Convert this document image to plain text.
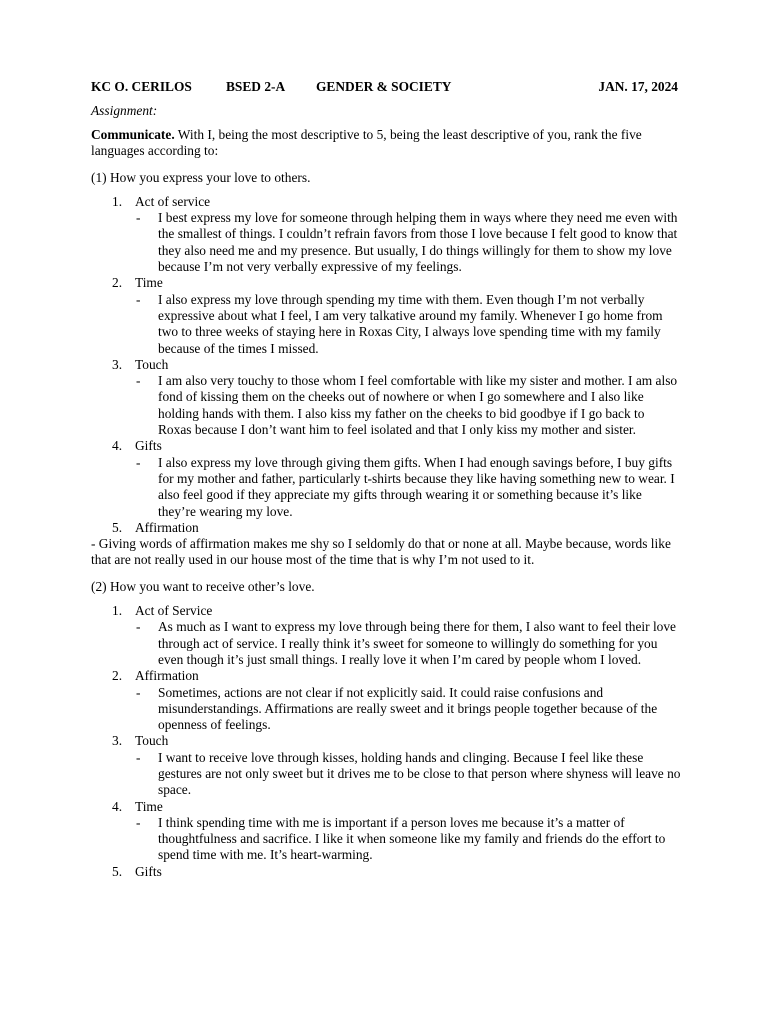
KC O. CERILOS	BSED 2-A GENDER & SOCIETY	JAN. 17, 2024
Assignment:

Communicate. With I, being the most descriptive to 5, being the least descriptive of you, rank the five languages according to:

(1) How you express your love to others.

1. Act of service

- I best express my love for someone through helping them in ways where they need me even with the smallest of things. I couldn’t refrain favors from those I love because I felt good to know that they also need me and my presence. But usually, I do things willingly for them to show my love because I’m not very verbally expressive of my feelings.

2. Time

- I also express my love through spending my time with them. Even though I’m not verbally expressive about what I feel, I am very talkative around my family. Whenever I go home from two to three weeks of staying here in Roxas City, I always love spending time with my family because of the times I missed.

3. Touch

- I am also very touchy to those whom I feel comfortable with like my sister and mother. I am also fond of kissing them on the cheeks out of nowhere or when I go somewhere and I also like holding hands with them. I also kiss my father on the cheeks to bid goodbye if I go back to Roxas because I don’t want him to feel isolated and that I only kiss my mother and sister.

4. Gifts

- I also express my love through giving them gifts. When I had enough savings before, I buy gifts for my mother and father, particularly t-shirts because they like having something new to wear. I also feel good if they appreciate my gifts through wearing it or something because it’s like they’re wearing my love.

5. Affirmation

- Giving words of affirmation makes me shy so I seldomly do that or none at all. Maybe because, words like that are not really used in our house most of the time that is why I’m not used to it.

(2) How you want to receive other’s love.

1. Act of Service

- As much as I want to express my love through being there for them, I also want to feel their love through act of service. I really think it’s sweet for someone to willingly do something for you even though it’s just small things. I really love it when I’m cared by people whom I loved.

2. Affirmation

- Sometimes, actions are not clear if not explicitly said. It could raise confusions and misunderstandings. Affirmations are really sweet and it brings people together because of the openness of feelings.

3. Touch

- I want to receive love through kisses, holding hands and clinging. Because I feel like these gestures are not only sweet but it drives me to be close to that person where shyness will leave no space.

4. Time

- I think spending time with me is important if a person loves me because it’s a matter of thoughtfulness and sacrifice. I like it when someone like my family and friends do the effort to spend time with me. It’s heart-warming.

5. Gifts
